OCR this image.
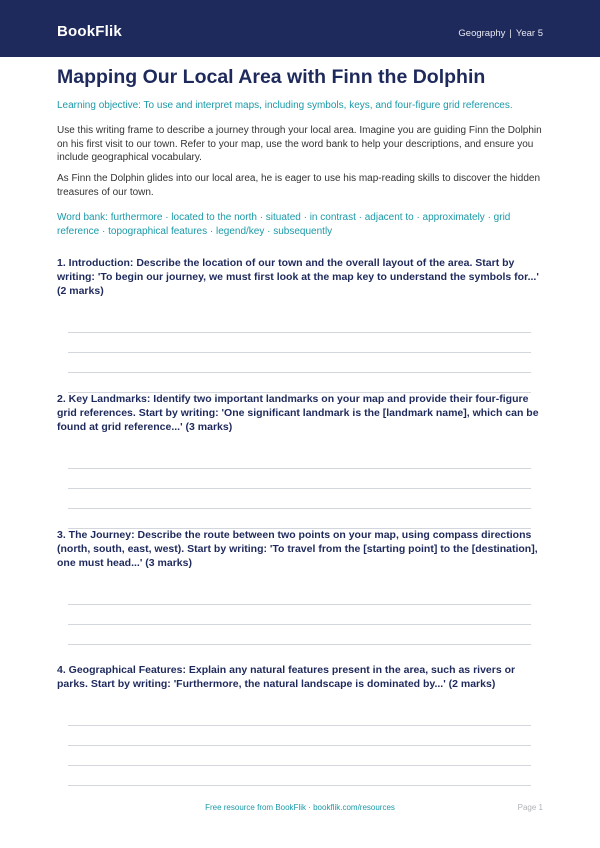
BookFlik	Geography | Year 5
Mapping Our Local Area with Finn the Dolphin
Learning objective: To use and interpret maps, including symbols, keys, and four-figure grid references.
Use this writing frame to describe a journey through your local area. Imagine you are guiding Finn the Dolphin on his first visit to our town. Refer to your map, use the word bank to help your descriptions, and ensure you include geographical vocabulary.
As Finn the Dolphin glides into our local area, he is eager to use his map-reading skills to discover the hidden treasures of our town.
Word bank: furthermore · located to the north · situated · in contrast · adjacent to · approximately · grid reference · topographical features · legend/key · subsequently
1. Introduction: Describe the location of our town and the overall layout of the area. Start by writing: 'To begin our journey, we must first look at the map key to understand the symbols for...' (2 marks)
2. Key Landmarks: Identify two important landmarks on your map and provide their four-figure grid references. Start by writing: 'One significant landmark is the [landmark name], which can be found at grid reference...' (3 marks)
3. The Journey: Describe the route between two points on your map, using compass directions (north, south, east, west). Start by writing: 'To travel from the [starting point] to the [destination], one must head...' (3 marks)
4. Geographical Features: Explain any natural features present in the area, such as rivers or parks. Start by writing: 'Furthermore, the natural landscape is dominated by...' (2 marks)
Free resource from BookFlik · bookflik.com/resources	Page 1
